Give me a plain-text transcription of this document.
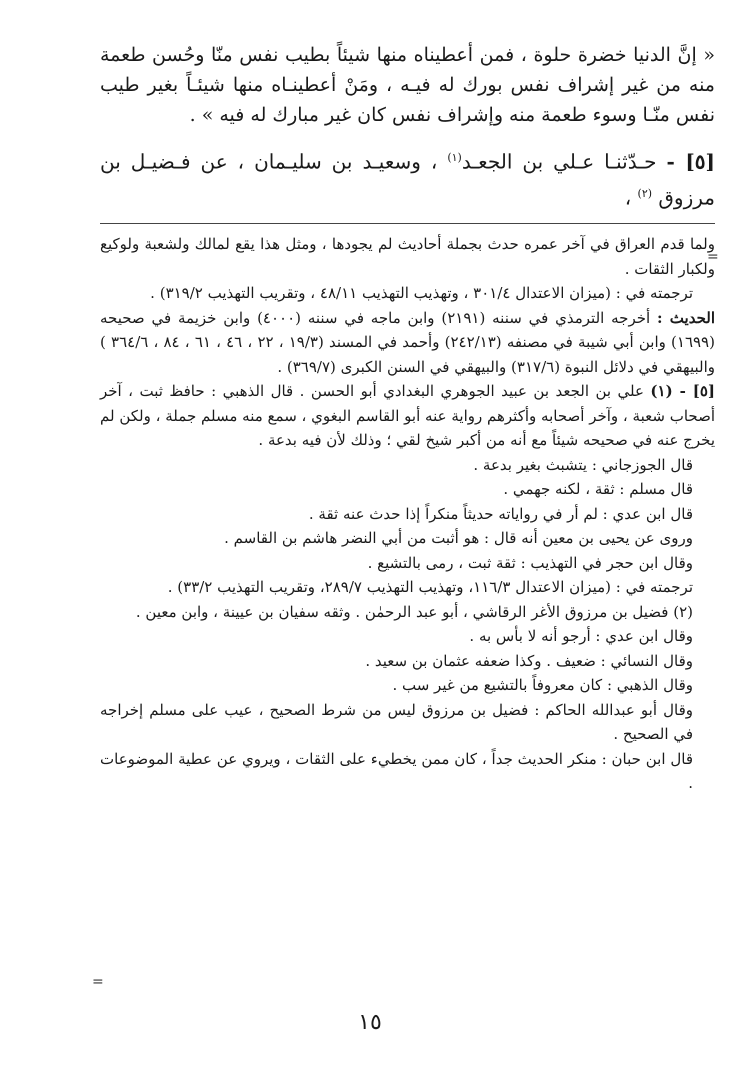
« إنَّ الدنيا خضرة حلوة ، فمن أعطيناه منها شيئاً بطيب نفس منّا وحُسن طعمة منه من غير إشراف نفس بورك له فيـه ، ومَنْ أعطينـاه منها شيئـاً بغير طيب نفس منّـا وسوء طعمة منه وإشراف نفس كان غير مبارك له فيه » .

[٥] - حـدّثنـا عـلي بن الجعـد$^{(١)}$ ، وسعيـد بن سليـمان ، عن فـضيـل بن مرزوق $^{(٢)}$ ،

ولما قدم العراق في آخر عمره حدث بجملة أحاديث لم يجودها ، ومثل هذا يقع لمالك ولشعبة ولوكيع ولكبار الثقات .

ترجمته في : (ميزان الاعتدال ٣٠١/٤ ، وتهذيب التهذيب ٤٨/١١ ، وتقريب التهذيب ٣١٩/٢) .

الحديث : أخرجه الترمذي في سننه (٢١٩١) وابن ماجه في سننه (٤٠٠٠) وابن خزيمة في صحيحه (١٦٩٩) وابن أبي شيبة في مصنفه (٢٤٢/١٣) وأحمد في المسند (١٩/٣ ، ٢٢ ، ٤٦ ، ٦١ ، ٨٤ ، ٣٦٤/٦ ) والبيهقي في دلائل النبوة (٣١٧/٦) والبيهقي في السنن الكبرى (٣٦٩/٧) .

[٥] - (١) علي بن الجعد بن عبيد الجوهري البغدادي أبو الحسن . قال الذهبي : حافظ ثبت ، آخر أصحاب شعبة ، وآخر أصحابه وأكثرهم رواية عنه أبو القاسم البغوي ، سمع منه مسلم جملة ، ولكن لم يخرج عنه في صحيحه شيئاً مع أنه من أكبر شيخ لقي ؛ وذلك لأن فيه بدعة .

قال الجوزجاني : يتشبث بغير بدعة .

قال مسلم : ثقة ، لكنه جهمي .

قال ابن عدي : لم أر في رواياته حديثاً منكراً إذا حدث عنه ثقة .

وروى عن يحيى بن معين أنه قال : هو أثبت من أبي النضر هاشم بن القاسم .

وقال ابن حجر في التهذيب : ثقة ثبت ، رمى بالتشيع .

ترجمته في : (ميزان الاعتدال ١١٦/٣، وتهذيب التهذيب ٢٨٩/٧، وتقريب التهذيب ٣٣/٢) .

(٢) فضيل بن مرزوق الأغر الرقاشي ، أبو عبد الرحمٰن . وثقه سفيان بن عيينة ، وابن معين .

وقال ابن عدي : أرجو أنه لا بأس به .

وقال النسائي : ضعيف . وكذا ضعفه عثمان بن سعيد .

وقال الذهبي : كان معروفاً بالتشيع من غير سب .

وقال أبو عبدالله الحاكم : فضيل بن مرزوق ليس من شرط الصحيح ، عيب على مسلم إخراجه في الصحيح .

قال ابن حبان : منكر الحديث جداً ، كان ممن يخطيء على الثقات ، ويروي عن عطية الموضوعات .

=
=
١٥
